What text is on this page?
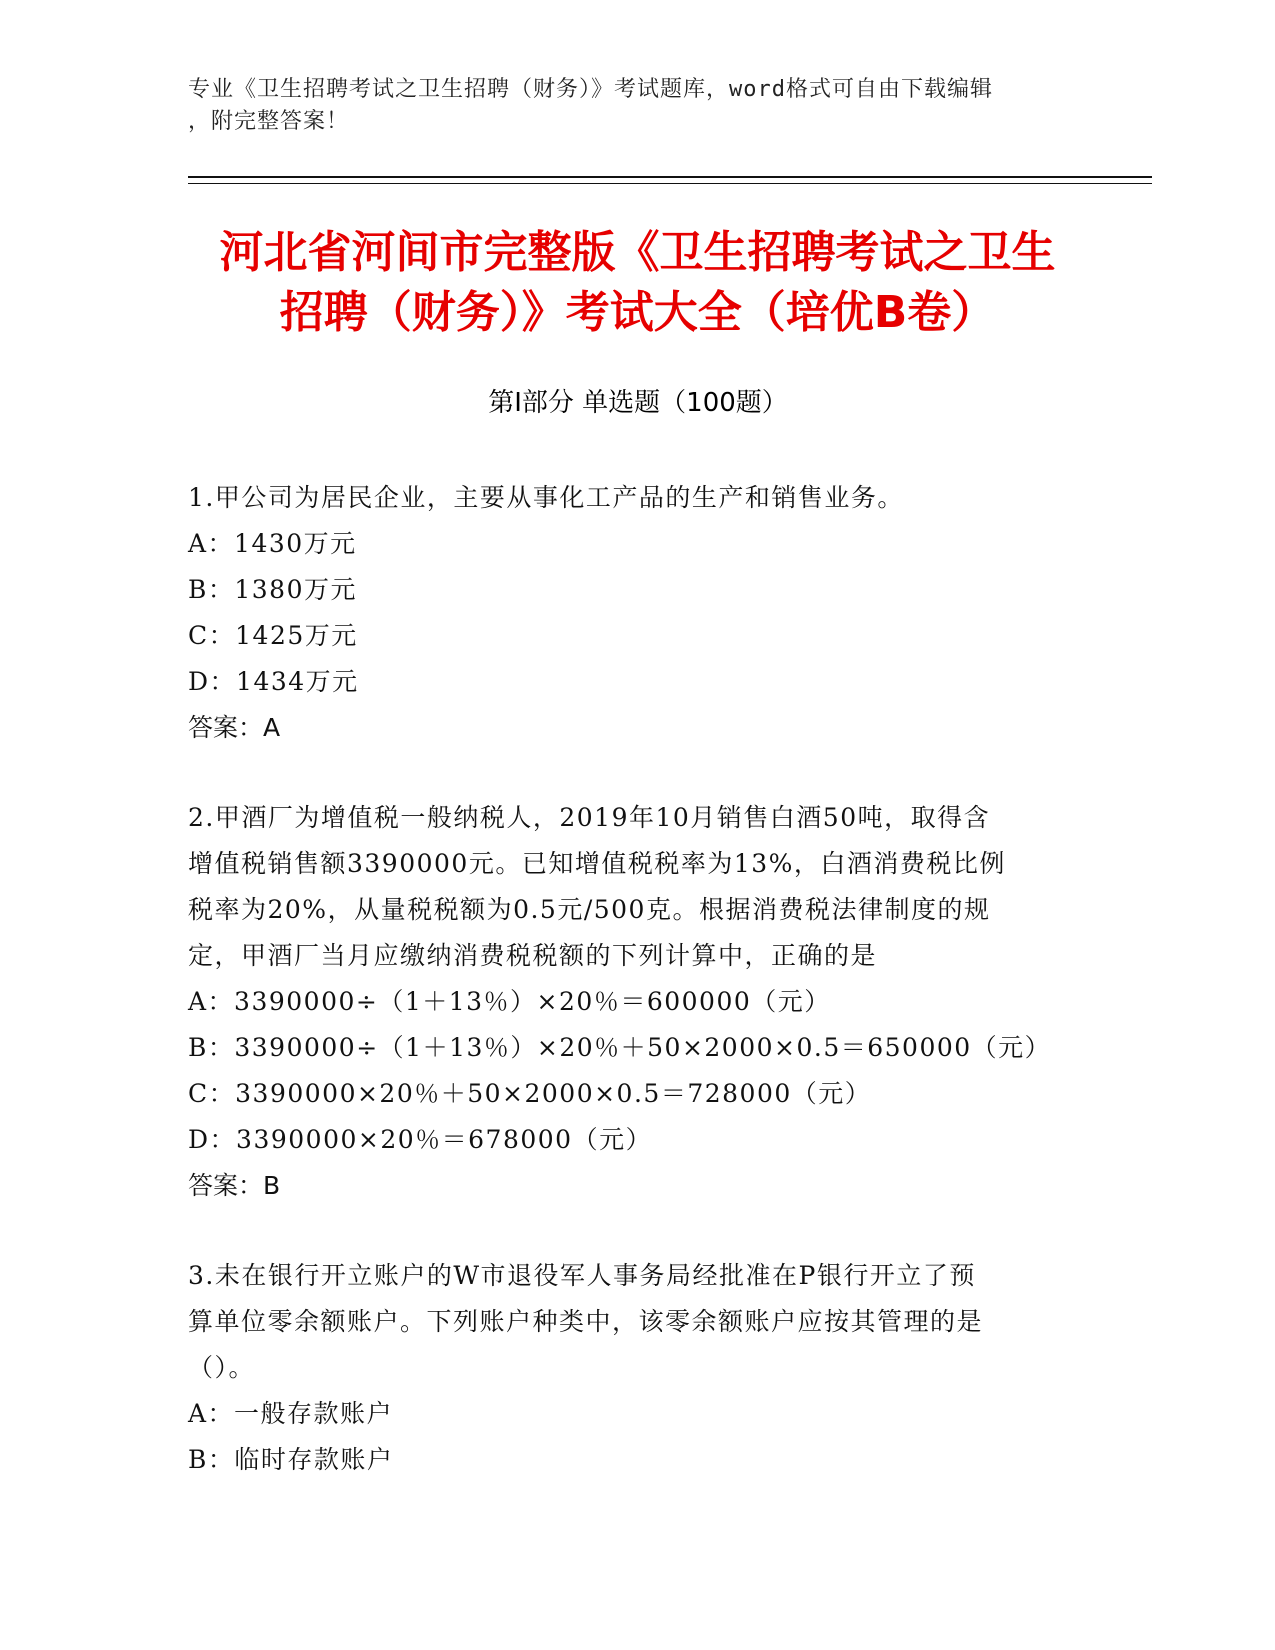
专业《卫生招聘考试之卫生招聘（财务）》考试题库，word格式可自由下载编辑
，附完整答案！
河北省河间市完整版《卫生招聘考试之卫生
招聘（财务）》考试大全（培优B卷）
第Ⅰ部分 单选题（100题）

1.甲公司为居民企业，主要从事化工产品的生产和销售业务。

A：1430万元

B：1380万元

C：1425万元

D：1434万元

答案：A

2.甲酒厂为增值税一般纳税人，2019年10月销售白酒50吨，取得含

增值税销售额3390000元。已知增值税税率为13%，白酒消费税比例

税率为20%，从量税税额为0.5元/500克。根据消费税法律制度的规

定，甲酒厂当月应缴纳消费税税额的下列计算中，正确的是

A：3390000÷（1＋13％）×20％＝600000（元）

B：3390000÷（1＋13％）×20％＋50×2000×0.5＝650000（元）

C：3390000×20％＋50×2000×0.5＝728000（元）

D：3390000×20％＝678000（元）

答案：B

3.未在银行开立账户的W市退役军人事务局经批准在P银行开立了预

算单位零余额账户。下列账户种类中，该零余额账户应按其管理的是

（）。

A：一般存款账户

B：临时存款账户
